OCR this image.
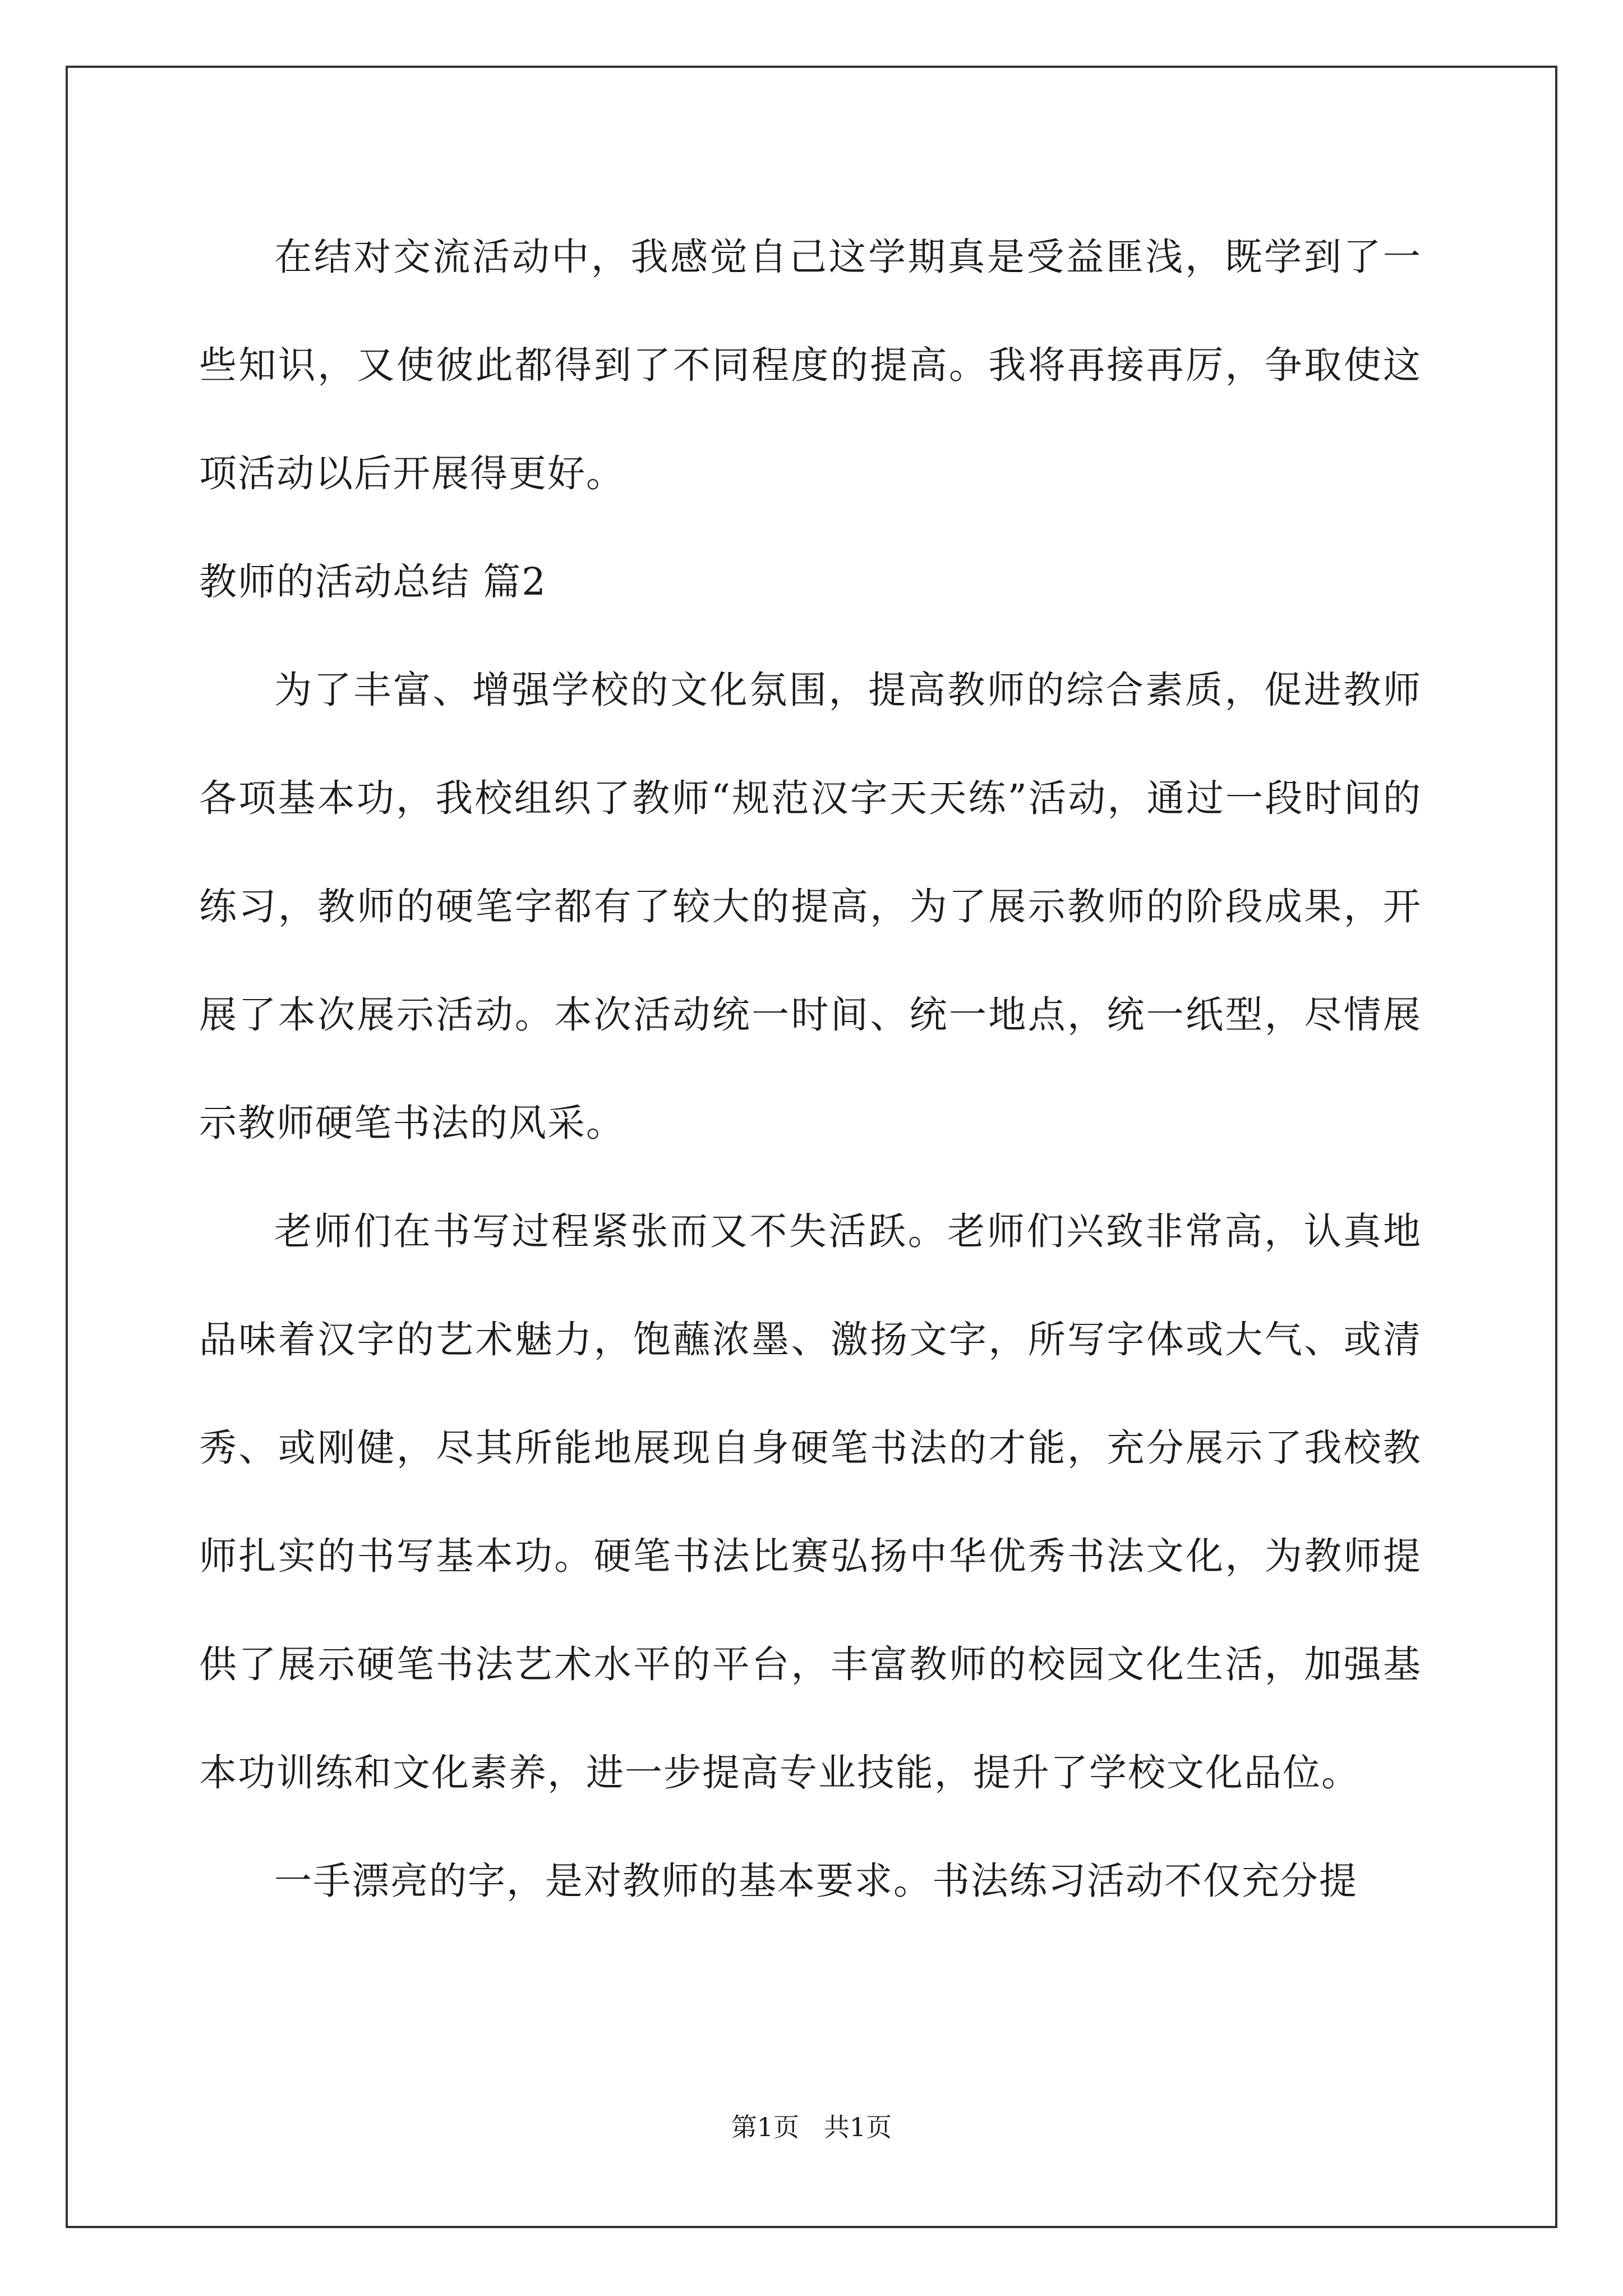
在结对交流活动中，我感觉自己这学期真是受益匪浅，既学到了一些知识，又使彼此都得到了不同程度的提高。我将再接再厉，争取使这项活动以后开展得更好。

教师的活动总结 篇2

为了丰富、增强学校的文化氛围，提高教师的综合素质，促进教师各项基本功，我校组织了教师“规范汉字天天练”活动，通过一段时间的练习，教师的硬笔字都有了较大的提高，为了展示教师的阶段成果，开展了本次展示活动。本次活动统一时间、统一地点，统一纸型，尽情展示教师硬笔书法的风采。

老师们在书写过程紧张而又不失活跃。老师们兴致非常高，认真地品味着汉字的艺术魅力，饱蘸浓墨、激扬文字，所写字体或大气、或清秀、或刚健，尽其所能地展现自身硬笔书法的才能，充分展示了我校教师扎实的书写基本功。硬笔书法比赛弘扬中华优秀书法文化，为教师提供了展示硬笔书法艺术水平的平台，丰富教师的校园文化生活，加强基本功训练和文化素养，进一步提高专业技能，提升了学校文化品位。

一手漂亮的字，是对教师的基本要求。书法练习活动不仅充分提

第1页   共1页
